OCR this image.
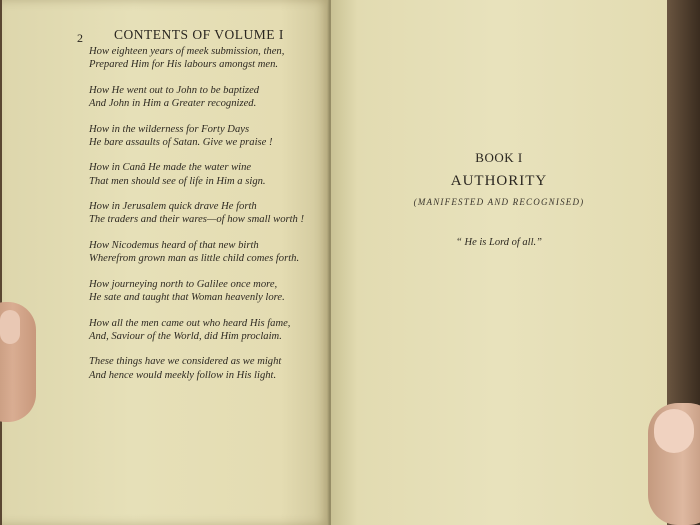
2 CONTENTS OF VOLUME I
How eighteen years of meek submission, then,
Prepared Him for His labours amongst men.
How He went out to John to be baptized
And John in Him a Greater recognized.
How in the wilderness for Forty Days
He bare assaults of Satan. Give we praise !
How in Canâ He made the water wine
That men should see of life in Him a sign.
How in Jerusalem quick drave He forth
The traders and their wares—of how small worth !
How Nicodemus heard of that new birth
Wherefrom grown man as little child comes forth.
How journeying north to Galilee once more,
He sate and taught that Woman heavenly lore.
How all the men came out who heard His fame,
And, Saviour of the World, did Him proclaim.
These things have we considered as we might
And hence would meekly follow in His light.
BOOK I
AUTHORITY
(MANIFESTED AND RECOGNISED)
“ He is Lord of all.”
